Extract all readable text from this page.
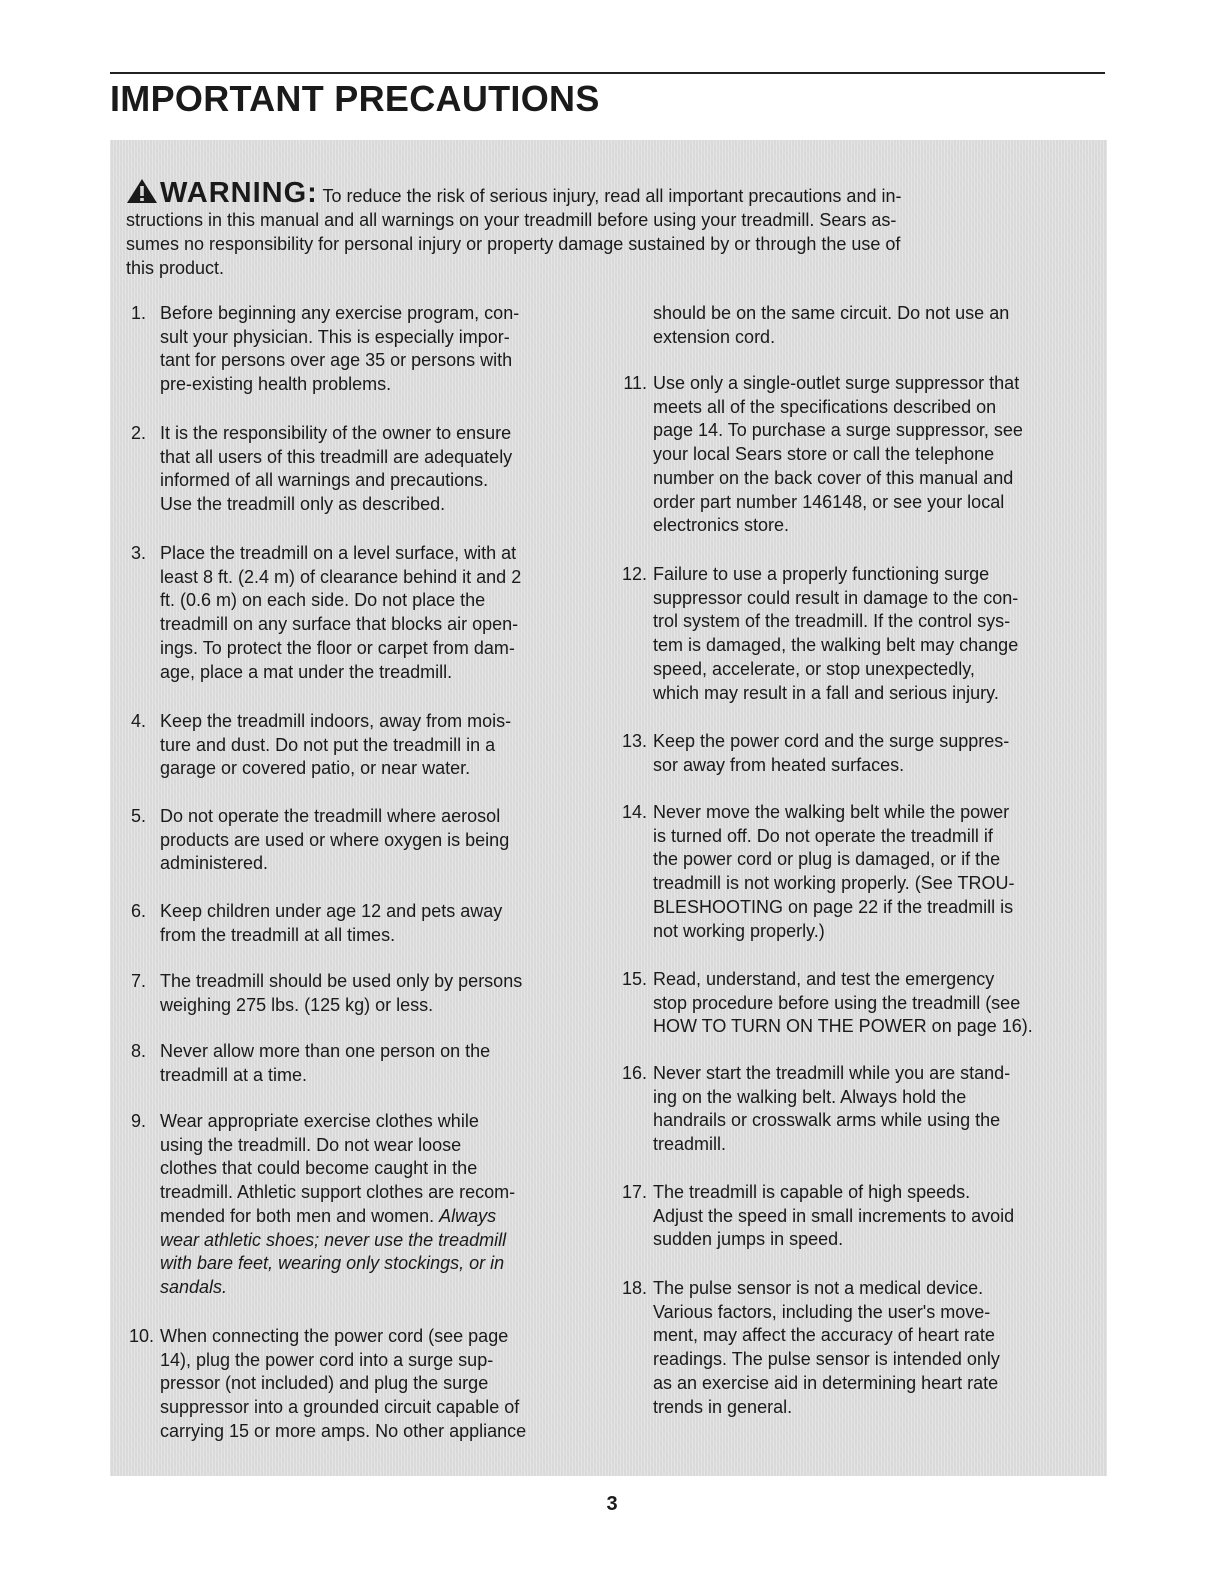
IMPORTANT PRECAUTIONS
WARNING: To reduce the risk of serious injury, read all important precautions and in-
structions in this manual and all warnings on your treadmill before using your treadmill. Sears as-
sumes no responsibility for personal injury or property damage sustained by or through the use of
this product.
1. Before beginning any exercise program, con-
sult your physician. This is especially impor-
tant for persons over age 35 or persons with
pre-existing health problems.
2. It is the responsibility of the owner to ensure
that all users of this treadmill are adequately
informed of all warnings and precautions.
Use the treadmill only as described.
3. Place the treadmill on a level surface, with at
least 8 ft. (2.4 m) of clearance behind it and 2
ft. (0.6 m) on each side. Do not place the
treadmill on any surface that blocks air open-
ings. To protect the floor or carpet from dam-
age, place a mat under the treadmill.
4. Keep the treadmill indoors, away from mois-
ture and dust. Do not put the treadmill in a
garage or covered patio, or near water.
5. Do not operate the treadmill where aerosol
products are used or where oxygen is being
administered.
6. Keep children under age 12 and pets away
from the treadmill at all times.
7. The treadmill should be used only by persons
weighing 275 lbs. (125 kg) or less.
8. Never allow more than one person on the
treadmill at a time.
9. Wear appropriate exercise clothes while
using the treadmill. Do not wear loose
clothes that could become caught in the
treadmill. Athletic support clothes are recom-
mended for both men and women. Always
wear athletic shoes; never use the treadmill
with bare feet, wearing only stockings, or in
sandals.
10. When connecting the power cord (see page
14), plug the power cord into a surge sup-
pressor (not included) and plug the surge
suppressor into a grounded circuit capable of
carrying 15 or more amps. No other appliance
should be on the same circuit. Do not use an
extension cord.
11. Use only a single-outlet surge suppressor that
meets all of the specifications described on
page 14. To purchase a surge suppressor, see
your local Sears store or call the telephone
number on the back cover of this manual and
order part number 146148, or see your local
electronics store.
12. Failure to use a properly functioning surge
suppressor could result in damage to the con-
trol system of the treadmill. If the control sys-
tem is damaged, the walking belt may change
speed, accelerate, or stop unexpectedly,
which may result in a fall and serious injury.
13. Keep the power cord and the surge suppres-
sor away from heated surfaces.
14. Never move the walking belt while the power
is turned off. Do not operate the treadmill if
the power cord or plug is damaged, or if the
treadmill is not working properly. (See TROU-
BLESHOOTING on page 22 if the treadmill is
not working properly.)
15. Read, understand, and test the emergency
stop procedure before using the treadmill (see
HOW TO TURN ON THE POWER on page 16).
16. Never start the treadmill while you are stand-
ing on the walking belt. Always hold the
handrails or crosswalk arms while using the
treadmill.
17. The treadmill is capable of high speeds.
Adjust the speed in small increments to avoid
sudden jumps in speed.
18. The pulse sensor is not a medical device.
Various factors, including the user's move-
ment, may affect the accuracy of heart rate
readings. The pulse sensor is intended only
as an exercise aid in determining heart rate
trends in general.
3
